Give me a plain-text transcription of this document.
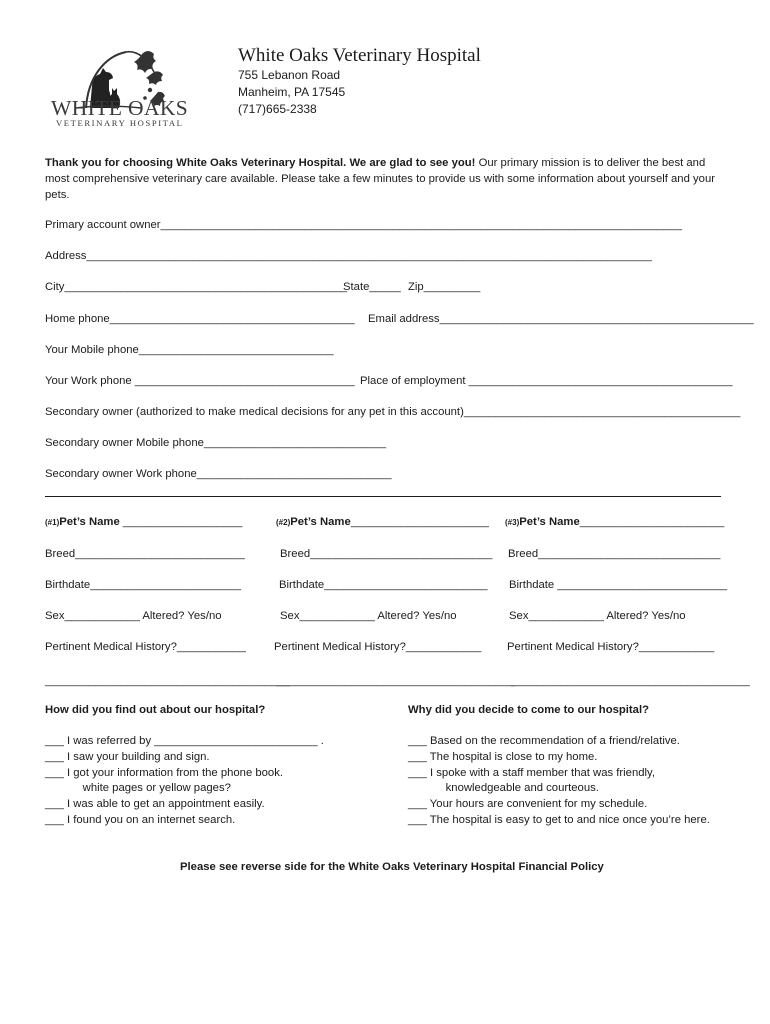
WHITE OAKS
VETERINARY HOSPITAL
White Oaks Veterinary Hospital
755 Lebanon Road
Manheim, PA 17545
(717)665-2338
Thank you for choosing White Oaks Veterinary Hospital. We are glad to see you! Our primary mission is to deliver the best and most comprehensive veterinary care available. Please take a few minutes to provide us with some information about yourself and your pets.
Primary account owner___________________________________________________________________________________
Address__________________________________________________________________________________________
City_____________________________________________
State_____ Zip_________
Home phone_______________________________________ Email address__________________________________________________
Your Mobile phone_______________________________
Your Work phone ___________________________________ Place of employment __________________________________________
Secondary owner (authorized to make medical decisions for any pet in this account)____________________________________________
Secondary owner Mobile phone_____________________________
Secondary owner Work phone_______________________________
(#1)Pet’s Name ___________________
Breed___________________________
Birthdate________________________
Sex____________ Altered? Yes/no
Pertinent Medical History?___________
_______________________________________
(#2)Pet’s Name______________________
Breed_____________________________
Birthdate__________________________
Sex____________ Altered? Yes/no
Pertinent Medical History?____________
______________________________________
(#3)Pet’s Name_______________________
Breed_____________________________
Birthdate ___________________________
Sex____________ Altered? Yes/no
Pertinent Medical History?____________
______________________________________
How did you find out about our hospital?
___ I was referred by __________________________ .
___ I saw your building and sign.
___ I got your information from the phone book.
white pages or yellow pages?
___ I was able to get an appointment easily.
___ I found you on an internet search.
Why did you decide to come to our hospital?
___ Based on the recommendation of a friend/relative.
___ The hospital is close to my home.
___ I spoke with a staff member that was friendly,
knowledgeable and courteous.
___ Your hours are convenient for my schedule.
___ The hospital is easy to get to and nice once you’re here.
Please see reverse side for the White Oaks Veterinary Hospital Financial Policy
